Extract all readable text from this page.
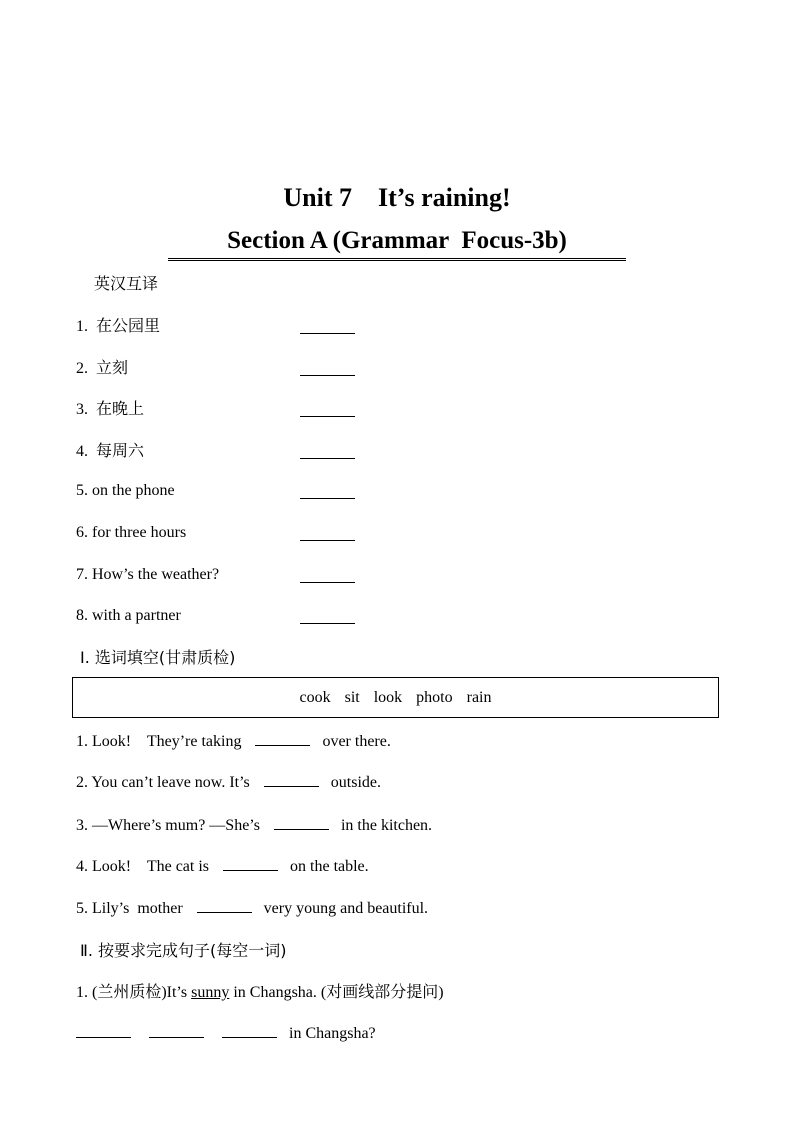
Unit 7    It’s raining!
Section A (Grammar  Focus-3b)
英汉互译
1. 在公园里
2. 立刻
3. 在晚上
4. 每周六
5. on the phone
6. for three hours
7. How’s the weather?
8. with a partner
Ⅰ. 选词填空(甘肃质检)
cook sit look photo rain
1. Look!    They’re taking	over there.
2. You can’t leave now. It’s	outside.
3. —Where’s mum? —She’s	in the kitchen.
4. Look!    The cat is	on the table.
5. Lily’s  mother	very young and beautiful.
Ⅱ. 按要求完成句子(每空一词)
1. (兰州质检)It’s sunny in Changsha. (对画线部分提问)
in Changsha?
